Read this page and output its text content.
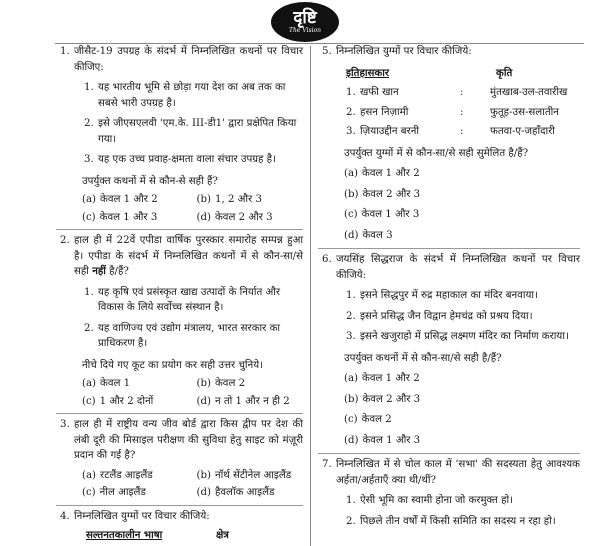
दृष्टि
The Vision
1. जीसैट-19 उपग्रह के संदर्भ में निम्नलिखित कथनों पर विचार कीजिए:
1. यह भारतीय भूमि से छोड़ा गया देश का अब तक का सबसे भारी उपग्रह है।
2. इसे जीएसएलवी 'एम.के. III-डी1' द्वारा प्रक्षेपित किया गया।
3. यह एक उच्च प्रवाह-क्षमता वाला संचार उपग्रह है।
उपर्युक्त कथनों में से कौन-से सही हैं?
(a) केवल 1 और 2	(b) 1, 2 और 3
(c) केवल 1 और 3	(d) केवल 2 और 3
2. हाल ही में 22वें एपीडा वार्षिक पुरस्कार समारोह सम्पन्न हुआ है। एपीडा के संदर्भ में निम्नलिखित कथनों में से कौन-सा/से सही नहीं है/हैं?
1. यह कृषि एवं प्रसंस्कृत खाद्य उत्पादों के निर्यात और विकास के लिये सर्वोच्च संस्थान है।
2. यह वाणिज्य एवं उद्योग मंत्रालय, भारत सरकार का प्राधिकरण है।
नीचे दिये गए कूट का प्रयोग कर सही उत्तर चुनिये।
(a) केवल 1	(b) केवल 2
(c) 1 और 2 दोनों	(d) न तो 1 और न ही 2
3. हाल ही में राष्ट्रीय वन्य जीव बोर्ड द्वारा किस द्वीप पर देश की लंबी दूरी की मिसाइल परीक्षण की सुविधा हेतु साइट को मंज़ूरी प्रदान की गई है?
(a) रटलैंड आइलैंड	(b) नॉर्थ सेंटीनेल आइलैंड
(c) नील आइलैंड	(d) हैवलॉक आइलैंड
4. निम्नलिखित युग्मों पर विचार कीजिये:
सल्तनतकालीन भाषा	क्षेत्र
5. निम्नलिखित युग्मों पर विचार कीजिये:
इतिहासकार	कृति
1. खफी खान	:	मुंतखाब-उल-तवारीख
2. हसन निज़ामी	:	फुतूह-उस-सलातीन
3. ज़ियाउद्दीन बरनी	:	फतवा-ए-जहाँदारी
उपर्युक्त युग्मों में से कौन-सा/से सही सुमेलित है/हैं?
(a) केवल 1 और 2
(b) केवल 2 और 3
(c) केवल 1 और 3
(d) केवल 3
6. जयसिंह सिद्धराज के संदर्भ में निम्नलिखित कथनों पर विचार कीजिये:
1. इसने सिद्धपुर में रुद्र महाकाल का मंदिर बनवाया।
2. इसने प्रसिद्ध जैन विद्वान हेमचंद्र को प्रश्रय दिया।
3. इसने खजुराहो में प्रसिद्ध लक्ष्मण मंदिर का निर्माण कराया।
उपर्युक्त कथनों में से कौन-सा/से सही है/हैं?
(a) केवल 1 और 2
(b) केवल 2 और 3
(c) केवल 2
(d) केवल 1 और 3
7. निम्नलिखित में से चोल काल में 'सभा' की सदस्यता हेतु आवश्यक अर्हता/अर्हताएँ क्या थी/थीं?
1. ऐसी भूमि का स्वामी होना जो करमुक्त हो।
2. पिछले तीन वर्षों में किसी समिति का सदस्य न रहा हो।
